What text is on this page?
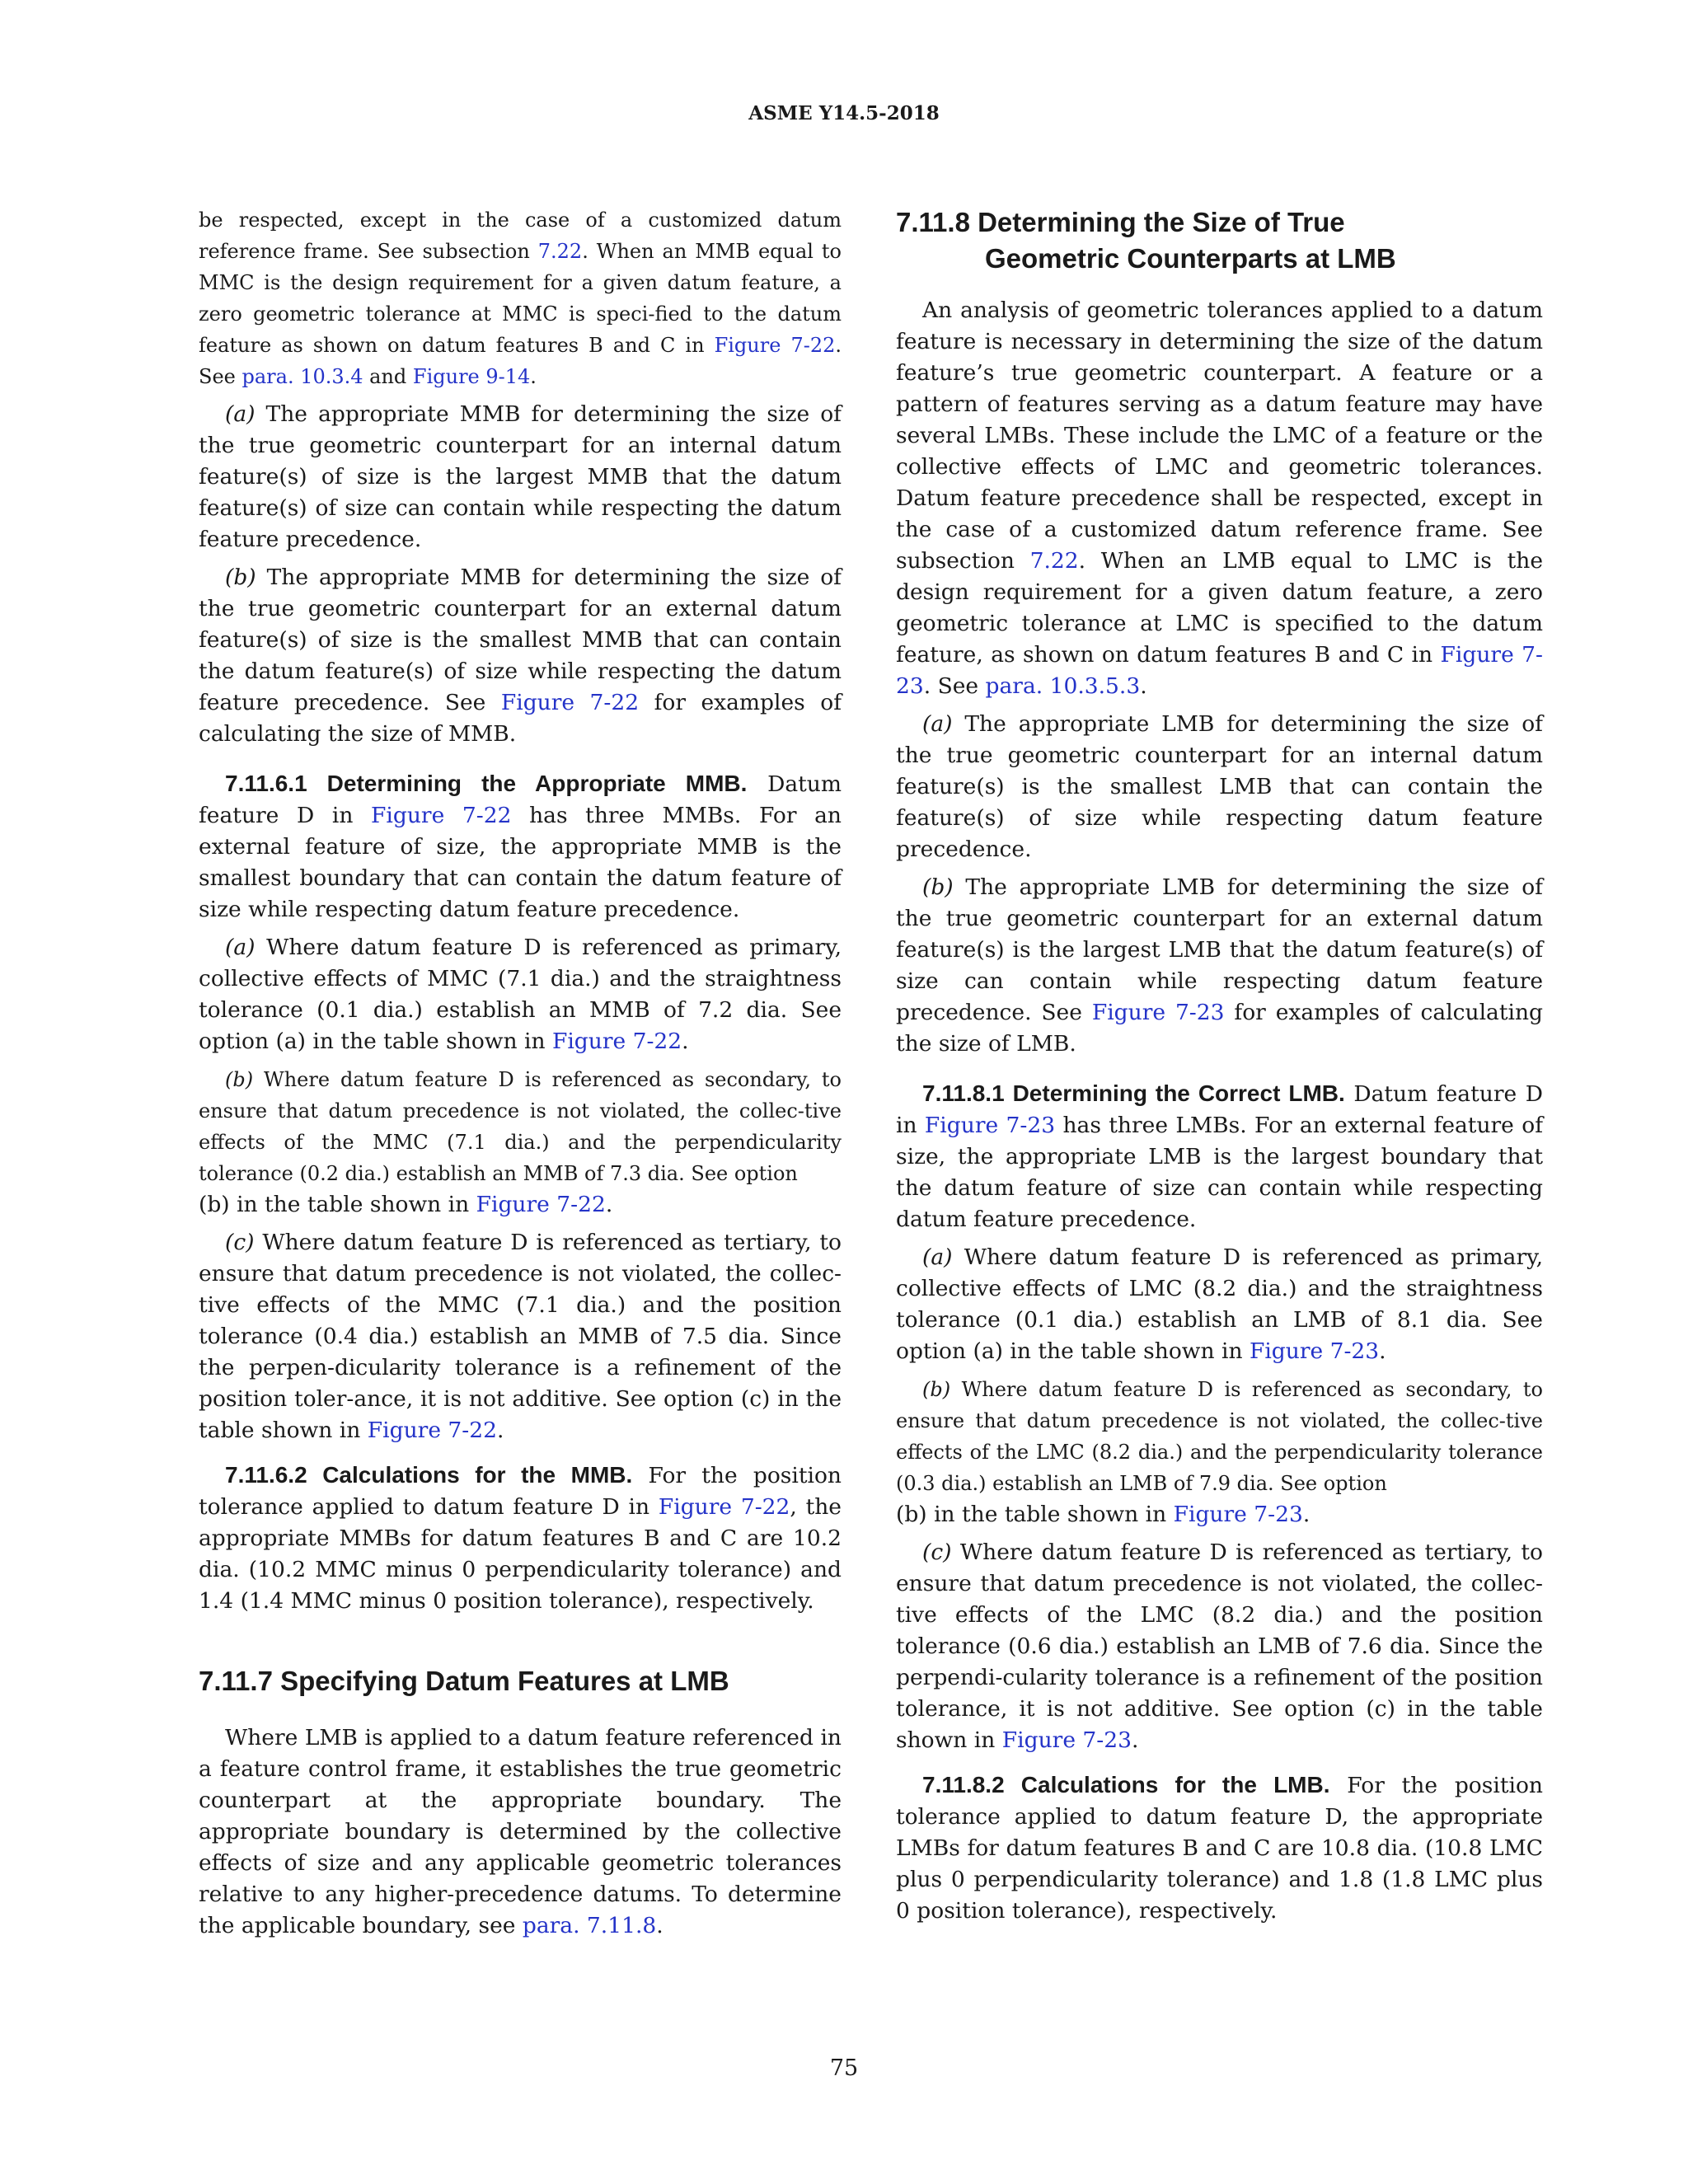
ASME Y14.5-2018

be respected, except in the case of a customized datum reference frame. See subsection 7.22. When an MMB equal to MMC is the design requirement for a given datum feature, a zero geometric tolerance at MMC is speci-fied to the datum feature as shown on datum features B and C in Figure 7-22. See para. 10.3.4 and Figure 9-14.

(a) The appropriate MMB for determining the size of the true geometric counterpart for an internal datum feature(s) of size is the largest MMB that the datum feature(s) of size can contain while respecting the datum feature precedence.

(b) The appropriate MMB for determining the size of the true geometric counterpart for an external datum feature(s) of size is the smallest MMB that can contain the datum feature(s) of size while respecting the datum feature precedence. See Figure 7-22 for examples of calculating the size of MMB.

7.11.6.1 Determining the Appropriate MMB. Datum feature D in Figure 7-22 has three MMBs. For an external feature of size, the appropriate MMB is the smallest boundary that can contain the datum feature of size while respecting datum feature precedence.

(a) Where datum feature D is referenced as primary, collective effects of MMC (7.1 dia.) and the straightness tolerance (0.1 dia.) establish an MMB of 7.2 dia. See option (a) in the table shown in Figure 7-22.

(b) Where datum feature D is referenced as secondary, to ensure that datum precedence is not violated, the collec-tive effects of the MMC (7.1 dia.) and the perpendicularity tolerance (0.2 dia.) establish an MMB of 7.3 dia. See option

(b) in the table shown in Figure 7-22.

(c) Where datum feature D is referenced as tertiary, to ensure that datum precedence is not violated, the collec-tive effects of the MMC (7.1 dia.) and the position tolerance (0.4 dia.) establish an MMB of 7.5 dia. Since the perpen-dicularity tolerance is a refinement of the position toler-ance, it is not additive. See option (c) in the table shown in Figure 7-22.

7.11.6.2 Calculations for the MMB. For the position tolerance applied to datum feature D in Figure 7-22, the appropriate MMBs for datum features B and C are 10.2 dia. (10.2 MMC minus 0 perpendicularity tolerance) and 1.4 (1.4 MMC minus 0 position tolerance), respectively.

7.11.7 Specifying Datum Features at LMB

Where LMB is applied to a datum feature referenced in a feature control frame, it establishes the true geometric counterpart at the appropriate boundary. The appropriate boundary is determined by the collective effects of size and any applicable geometric tolerances relative to any higher-precedence datums. To determine the applicable boundary, see para. 7.11.8.

7.11.8 Determining the Size of True
Geometric Counterparts at LMB

An analysis of geometric tolerances applied to a datum feature is necessary in determining the size of the datum feature’s true geometric counterpart. A feature or a pattern of features serving as a datum feature may have several LMBs. These include the LMC of a feature or the collective effects of LMC and geometric tolerances. Datum feature precedence shall be respected, except in the case of a customized datum reference frame. See subsection 7.22. When an LMB equal to LMC is the design requirement for a given datum feature, a zero geometric tolerance at LMC is specified to the datum feature, as shown on datum features B and C in Figure 7-23. See para. 10.3.5.3.

(a) The appropriate LMB for determining the size of the true geometric counterpart for an internal datum feature(s) is the smallest LMB that can contain the feature(s) of size while respecting datum feature precedence.

(b) The appropriate LMB for determining the size of the true geometric counterpart for an external datum feature(s) is the largest LMB that the datum feature(s) of size can contain while respecting datum feature precedence. See Figure 7-23 for examples of calculating the size of LMB.

7.11.8.1 Determining the Correct LMB. Datum feature D in Figure 7-23 has three LMBs. For an external feature of size, the appropriate LMB is the largest boundary that the datum feature of size can contain while respecting datum feature precedence.

(a) Where datum feature D is referenced as primary, collective effects of LMC (8.2 dia.) and the straightness tolerance (0.1 dia.) establish an LMB of 8.1 dia. See option (a) in the table shown in Figure 7-23.

(b) Where datum feature D is referenced as secondary, to ensure that datum precedence is not violated, the collec-tive effects of the LMC (8.2 dia.) and the perpendicularity tolerance (0.3 dia.) establish an LMB of 7.9 dia. See option

(b) in the table shown in Figure 7-23.

(c) Where datum feature D is referenced as tertiary, to ensure that datum precedence is not violated, the collec-tive effects of the LMC (8.2 dia.) and the position tolerance (0.6 dia.) establish an LMB of 7.6 dia. Since the perpendi-cularity tolerance is a refinement of the position tolerance, it is not additive. See option (c) in the table shown in Figure 7-23.

7.11.8.2 Calculations for the LMB. For the position tolerance applied to datum feature D, the appropriate LMBs for datum features B and C are 10.8 dia. (10.8 LMC plus 0 perpendicularity tolerance) and 1.8 (1.8 LMC plus 0 position tolerance), respectively.

75
